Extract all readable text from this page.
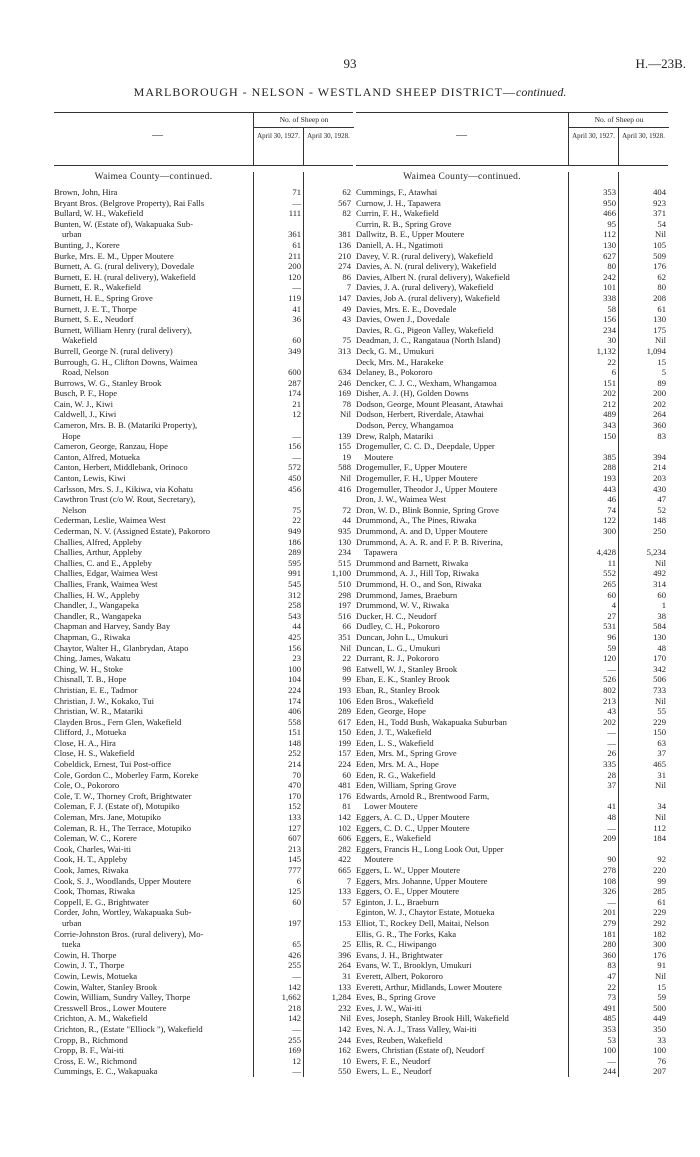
93	H.—23B.
MARLBOROUGH - NELSON - WESTLAND SHEEP DISTRICT—continued.
—
No. of Sheep on
April 30, 1927.	April 30, 1928.
Waimea County—continued.
Brown, John, Hira	71	62
Bryant Bros. (Belgrove Property), Rai Falls	—	567
Bullard, W. H., Wakefield	111	82
Bunten, W. (Estate of), Wakapuaka Sub-
urban	361	381
Bunting, J., Korere	61	136
Burke, Mrs. E. M., Upper Moutere	211	210
Burnett, A. G. (rural delivery), Dovedale	200	274
Burnett, E. H. (rural delivery), Wakefield	120	86
Burnett, E. R., Wakefield	—	7
Burnett, H. E., Spring Grove	119	147
Burnett, J. E. T., Thorpe	41	49
Burnett, S. E., Neudorf	36	43
Burnett, William Henry (rural delivery),
Wakefield	60	75
Burrell, George N. (rural delivery)	349	313
Burrough, G. H., Clifton Downs, Waimea
Road, Nelson	600	634
Burrows, W. G., Stanley Brook	287	246
Busch, P. F., Hope	174	169
Cain, W. J., Kiwi	21	78
Caldwell, J., Kiwi	12	Nil
Cameron, Mrs. B. B. (Matariki Property),
Hope	—	139
Cameron, George, Ranzau, Hope	156	155
Canton, Alfred, Motueka	—	19
Canton, Herbert, Middlebank, Orinoco	572	588
Canton, Lewis, Kiwi	450	Nil
Carlsson, Mrs. S. J., Kikiwa, via Kohatu	456	416
Cawthron Trust (c/o W. Rout, Secretary),
Nelson	75	72
Cederman, Leslie, Waimea West	22	44
Cederman, N. V. (Assigned Estate), Pakororo	949	935
Challies, Alfred, Appleby	186	130
Challies, Arthur, Appleby	289	234
Challies, C. and E., Appleby	595	515
Challies, Edgar, Waimea West	991	1,100
Challies, Frank, Waimea West	545	510
Challies, H. W., Appleby	312	298
Chandler, J., Wangapeka	258	197
Chandler, R., Wangapeka	543	516
Chapman and Harvey, Sandy Bay	44	66
Chapman, G., Riwaka	425	351
Chaytor, Walter H., Glanbrydan, Atapo	156	Nil
Ching, James, Wakatu	23	22
Ching, W. H., Stoke	100	98
Chisnall, T. B., Hope	104	99
Christian, E. E., Tadmor	224	193
Christian, J. W., Kokako, Tui	174	106
Christian, W. R., Matariki	406	289
Clayden Bros., Fern Glen, Wakefield	558	617
Clifford, J., Motueka	151	150
Close, H. A., Hira	148	199
Close, H. S., Wakefield	252	157
Cobeldick, Ernest, Tui Post-office	214	224
Cole, Gordon C., Moberley Farm, Koreke	70	60
Cole, O., Pokororo	470	481
Cole, T. W., Thorney Croft, Brightwater	170	176
Coleman, F. J. (Estate of), Motupiko	152	81
Coleman, Mrs. Jane, Motupiko	133	142
Coleman, R. H., The Terrace, Motupiko	127	102
Coleman, W. C., Korere	607	606
Cook, Charles, Wai-iti	213	282
Cook, H. T., Appleby	145	422
Cook, James, Riwaka	777	665
Cook, S. J., Woodlands, Upper Moutere	6	7
Cook, Thomas, Riwaka	125	133
Coppell, E. G., Brightwater	60	57
Corder, John, Wortley, Wakapuaka Sub-
urban	197	153
Corrie-Johnston Bros. (rural delivery), Mo-
tueka	65	25
Cowin, H. Thorpe	426	396
Cowin, J. T., Thorpe	255	264
Cowin, Lewis, Motueka	—	31
Cowin, Walter, Stanley Brook	142	133
Cowin, William, Sundry Valley, Thorpe	1,662	1,284
Cresswell Bros., Lower Moutere	218	232
Crichton, A. M., Wakefield	142	Nil
Crichton, R., (Estate "Elliock "), Wakefield	—	142
Cropp, B., Richmond	255	244
Cropp, B. F., Wai-iti	169	162
Cross, E. W., Richmond	12	10
Cummings, E. C., Wakapuaka	—	550
—
No. of Sheep ou
April 30, 1927.	April 30, 1928.
Waimea County—continued.
Cummings, F., Atawhai	353	404
Curnow, J. H., Tapawera	950	923
Currin, F. H., Wakefield	466	371
Currin, R. B., Spring Grove	95	54
Dallwitz, B. E., Upper Moutere	112	Nil
Daniell, A. H., Ngatimoti	130	105
Davey, V. R. (rural delivery), Wakefield	627	509
Davies, A. N. (rural delivery), Wakefield	80	176
Davies, Albert N. (rural delivery), Wakefield	242	62
Davies, J. A. (rural delivery), Wakefield	101	80
Davies, Job A. (rural delivery), Wakefield	338	208
Davies, Mrs. E. E., Dovedale	58	61
Davies, Owen J., Dovedale	156	130
Davies, R. G., Pigeon Valley, Wakefield	234	175
Deadman, J. C., Rangataua (North Island)	30	Nil
Deck, G. M., Umukuri	1,132	1,094
Deck, Mrs. M., Harakeke	22	15
Delaney, B., Pokororo	6	5
Dencker, C. J. C., Wexham, Whangamoa	151	89
Disher, A. J. (H), Golden Downs	202	200
Dodson, George, Mount Pleasant, Atawhai	212	202
Dodson, Herbert, Riverdale, Atawhai	489	264
Dodson, Percy, Whangamoa	343	360
Drew, Ralph, Matariki	150	83
Drogemuller, C. C. D., Deepdale, Upper
Moutere	385	394
Drogemuller, F., Upper Moutere	288	214
Drogemuller, F. H., Upper Moutere	193	203
Drogemuller, Theodor J., Upper Moutere	443	430
Dron, J. W., Waimea West	46	47
Dron, W. D., Blink Bonnie, Spring Grove	74	52
Drummond, A., The Pines, Riwaka	122	148
Drummond, A. and D, Upper Moutere	300	250
Drummond, A. A. R. and F. P. B. Riverina,
Tapawera	4,428	5,234
Drummond and Barnett, Riwaka	11	Nil
Drummond, A. J., Hill Top, Riwaka	552	492
Drummond, H. O., and Son, Riwaka	265	314
Drummond, James, Braeburn	60	60
Drummond, W. V., Riwaka	4	1
Ducker, H. C., Neudorf	27	38
Dudley, C. H., Pokororo	531	584
Duncan, John L., Umukuri	96	130
Duncan, L. G., Umukuri	59	48
Durrant, R. J., Pokororo	120	170
Eatwell, W. J., Stanley Brook	—	342
Eban, E. K., Stanley Brook	526	506
Eban, R., Stanley Brook	802	733
Eden Bros., Wakefield	213	Nil
Eden, George, Hope	43	55
Eden, H., Todd Bush, Wakapuaka Suburban	202	229
Eden, J. T., Wakefield	—	150
Eden, L. S., Wakefield	—	63
Eden, Mrs. M., Spring Grove	26	37
Eden, Mrs. M. A., Hope	335	465
Eden, R. G., Wakefield	28	31
Eden, William, Spring Grove	37	Nil
Edwards, Arnold R., Brentwood Farm,
Lower Moutere	41	34
Eggers, A. C. D., Upper Moutere	48	Nil
Eggers, C. D. C., Upper Moutere	—	112
Eggers, E., Wakefield	209	184
Eggers, Francis H., Long Look Out, Upper
Moutere	90	92
Eggers, L. W., Upper Moutere	278	220
Eggers, Mrs. Johanne, Upper Moutere	108	99
Eggers, O. E., Upper Moutere	326	285
Eginton, J. L., Braeburn	—	61
Eginton, W. J., Chaytor Estate, Motueka	201	229
Elliot, T., Rockey Dell, Maitai, Nelson	279	292
Ellis, G. R., The Forks, Kaka	181	182
Ellis, R. C., Hiwipango	280	300
Evans, J. H., Brightwater	360	176
Evans, W. T., Brooklyn, Umukuri	83	91
Everett, Albert, Pokororo	47	Nil
Everett, Arthur, Midlands, Lower Moutere	22	15
Eves, B., Spring Grove	73	59
Eves, J. W., Wai-iti	491	500
Eves, Joseph, Stanley Brook Hill, Wakefield	485	449
Eves, N. A. J., Trass Valley, Wai-iti	353	350
Eves, Reuben, Wakefield	53	33
Ewers, Christian (Estate of), Neudorf	100	100
Ewers, F. E., Neudorf	—	76
Ewers, L. E., Neudorf	244	207
